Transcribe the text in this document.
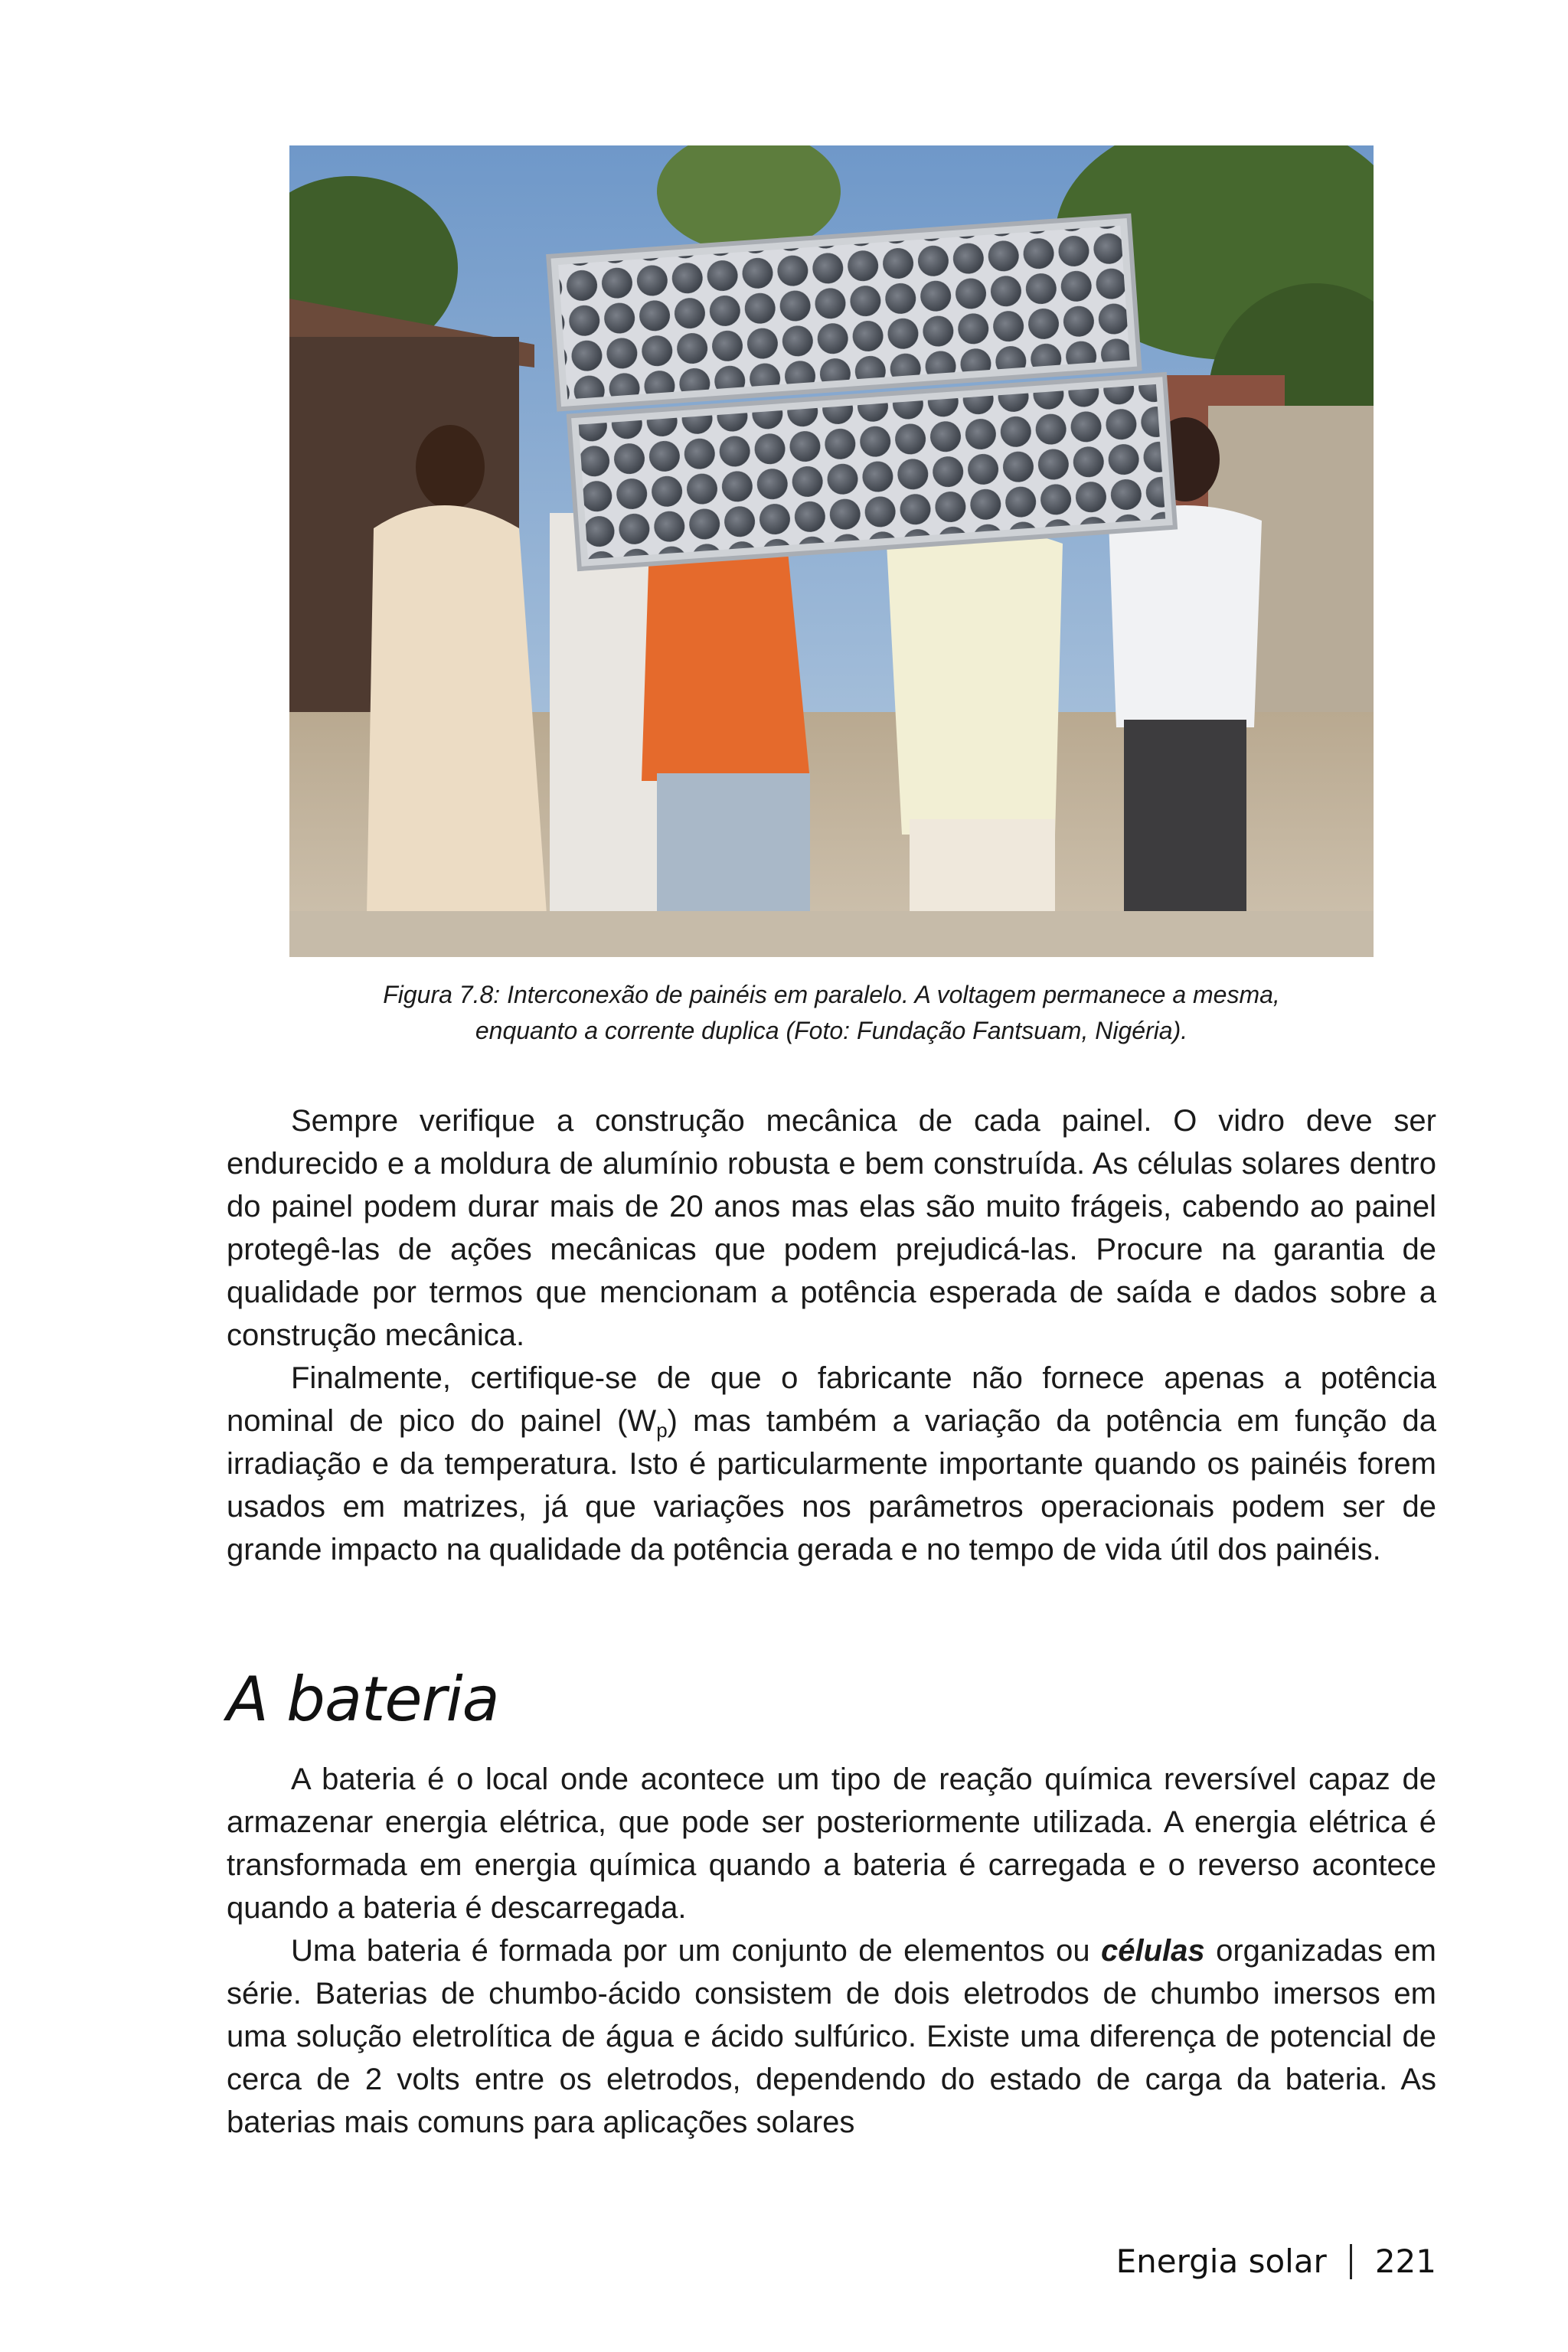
Figura 7.8: Interconexão de painéis em paralelo. A voltagem permanece a mesma,
enquanto a corrente duplica (Foto: Fundação Fantsuam, Nigéria).

Sempre verifique a construção mecânica de cada painel. O vidro deve ser endurecido e a moldura de alumínio robusta e bem construída. As células solares dentro do painel podem durar mais de 20 anos mas elas são muito frágeis, cabendo ao painel protegê-las de ações mecânicas que podem prejudicá-las. Procure na garantia de qualidade por termos que mencionam a potência esperada de saída e dados sobre a construção mecânica.

Finalmente, certifique-se de que o fabricante não fornece apenas a potência nominal de pico do painel $(W_p)$ mas também a variação da potência em função da irradiação e da temperatura. Isto é particularmente importante quando os painéis forem usados em matrizes, já que variações nos parâmetros operacionais podem ser de grande impacto na qualidade da potência gerada e no tempo de vida útil dos painéis.

A bateria

A bateria é o local onde acontece um tipo de reação química reversível capaz de armazenar energia elétrica, que pode ser posteriormente utilizada. A energia elétrica é transformada em energia química quando a bateria é carregada e o reverso acontece quando a bateria é descarregada.

Uma bateria é formada por um conjunto de elementos ou células organizadas em série. Baterias de chumbo-ácido consistem de dois eletrodos de chumbo imersos em uma solução eletrolítica de água e ácido sulfúrico. Existe uma diferença de potencial de cerca de 2 volts entre os eletrodos, dependendo do estado de carga da bateria. As baterias mais comuns para aplicações solares

Energia solar 221
